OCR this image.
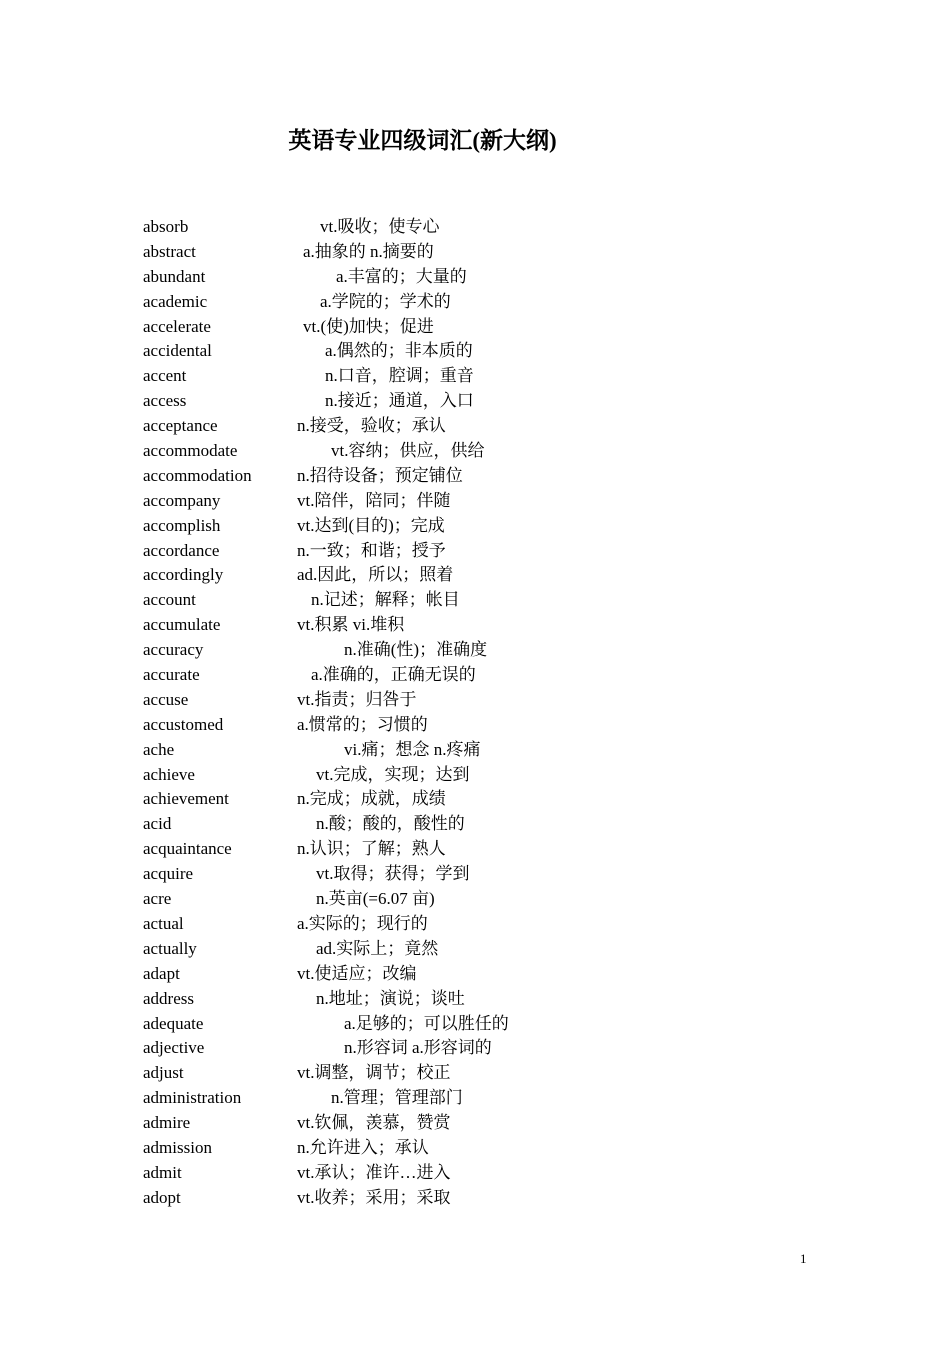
英语专业四级词汇(新大纲)
absorb	vt.吸收；使专心
abstract	a.抽象的 n.摘要的
abundant	a.丰富的；大量的
academic	a.学院的；学术的
accelerate	vt.(使)加快；促进
accidental	a.偶然的；非本质的
accent	n.口音，腔调；重音
access	n.接近；通道，入口
acceptance	n.接受，验收；承认
accommodate	vt.容纳；供应，供给
accommodation	n.招待设备；预定铺位
accompany	vt.陪伴，陪同；伴随
accomplish	vt.达到(目的)；完成
accordance	n.一致；和谐；授予
accordingly	ad.因此，所以；照着
account	n.记述；解释；帐目
accumulate	vt.积累 vi.堆积
accuracy	n.准确(性)；准确度
accurate	a.准确的，正确无误的
accuse	vt.指责；归咎于
accustomed	a.惯常的；习惯的
ache	vi.痛；想念 n.疼痛
achieve	vt.完成，实现；达到
achievement	n.完成；成就，成绩
acid	n.酸；酸的，酸性的
acquaintance	n.认识；了解；熟人
acquire	vt.取得；获得；学到
acre	n.英亩(=6.07 亩)
actual	a.实际的；现行的
actually	ad.实际上；竟然
adapt	vt.使适应；改编
address	n.地址；演说；谈吐
adequate	a.足够的；可以胜任的
adjective	n.形容词 a.形容词的
adjust	vt.调整，调节；校正
administration	n.管理；管理部门
admire	vt.钦佩，羡慕，赞赏
admission	n.允许进入；承认
admit	vt.承认；准许…进入
adopt	vt.收养；采用；采取
1
